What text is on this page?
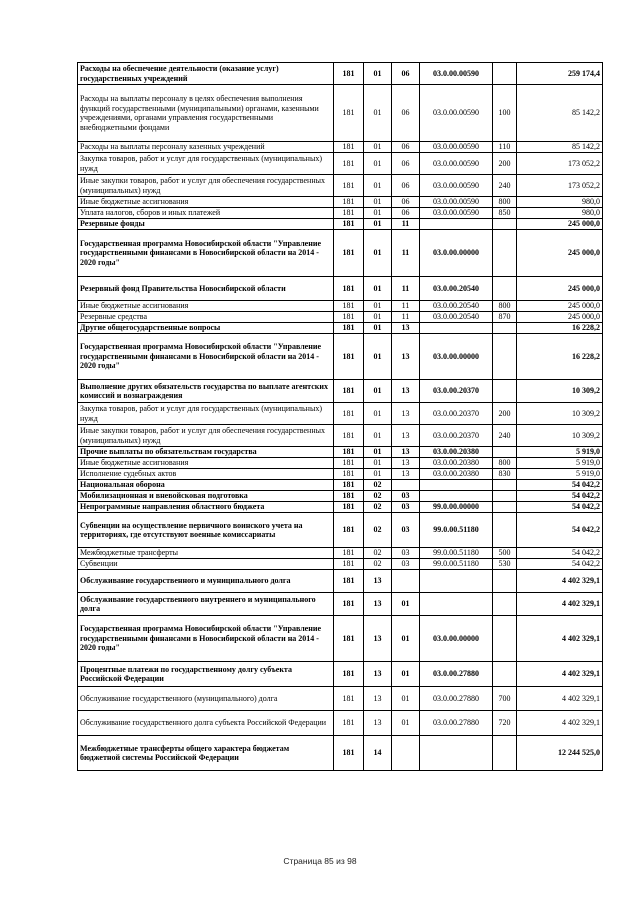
Расходы на обеспечение деятельности (оказание услуг) государственных учреждений	181	01	06	03.0.00.00590		259 174,4
Расходы на выплаты персоналу в целях обеспечения выполнения функций государственными (муниципальными) органами, казенными учреждениями, органами управления государственными внебюджетными фондами	181	01	06	03.0.00.00590	100	85 142,2
Расходы на выплаты персоналу казенных учреждений	181	01	06	03.0.00.00590	110	85 142,2
Закупка товаров, работ и услуг для государственных (муниципальных) нужд	181	01	06	03.0.00.00590	200	173 052,2
Иные закупки товаров, работ и услуг для обеспечения государственных (муниципальных) нужд	181	01	06	03.0.00.00590	240	173 052,2
Иные бюджетные ассигнования	181	01	06	03.0.00.00590	800	980,0
Уплата налогов, сборов и иных платежей	181	01	06	03.0.00.00590	850	980,0
Резервные фонды	181	01	11			245 000,0
Государственная программа Новосибирской области "Управление государственными финансами в Новосибирской области на 2014 - 2020 годы"	181	01	11	03.0.00.00000		245 000,0
Резервный фонд Правительства Новосибирской области	181	01	11	03.0.00.20540		245 000,0
Иные бюджетные ассигнования	181	01	11	03.0.00.20540	800	245 000,0
Резервные средства	181	01	11	03.0.00.20540	870	245 000,0
Другие общегосударственные вопросы	181	01	13			16 228,2
Государственная программа Новосибирской области "Управление государственными финансами в Новосибирской области на 2014 - 2020 годы"	181	01	13	03.0.00.00000		16 228,2
Выполнение других обязательств государства по выплате агентских комиссий и вознаграждения	181	01	13	03.0.00.20370		10 309,2
Закупка товаров, работ и услуг для государственных (муниципальных) нужд	181	01	13	03.0.00.20370	200	10 309,2
Иные закупки товаров, работ и услуг для обеспечения государственных (муниципальных) нужд	181	01	13	03.0.00.20370	240	10 309,2
Прочие выплаты по обязательствам государства	181	01	13	03.0.00.20380		5 919,0
Иные бюджетные ассигнования	181	01	13	03.0.00.20380	800	5 919,0
Исполнение судебных актов	181	01	13	03.0.00.20380	830	5 919,0
Национальная оборона	181	02				54 042,2
Мобилизационная и вневойсковая подготовка	181	02	03			54 042,2
Непрограммные направления областного бюджета	181	02	03	99.0.00.00000		54 042,2
Субвенции на осуществление первичного воинского учета на территориях, где отсутствуют военные комиссариаты	181	02	03	99.0.00.51180		54 042,2
Межбюджетные трансферты	181	02	03	99.0.00.51180	500	54 042,2
Субвенции	181	02	03	99.0.00.51180	530	54 042,2
Обслуживание государственного и муниципального долга	181	13				4 402 329,1
Обслуживание государственного внутреннего и муниципального долга	181	13	01			4 402 329,1
Государственная программа Новосибирской области "Управление государственными финансами в Новосибирской области на 2014 - 2020 годы"	181	13	01	03.0.00.00000		4 402 329,1
Процентные платежи по государственному долгу субъекта Российской Федерации	181	13	01	03.0.00.27880		4 402 329,1
Обслуживание государственного (муниципального) долга	181	13	01	03.0.00.27880	700	4 402 329,1
Обслуживание государственного долга субъекта Российской Федерации	181	13	01	03.0.00.27880	720	4 402 329,1
Межбюджетные трансферты общего характера бюджетам бюджетной системы Российской Федерации	181	14				12 244 525,0
Страница 85 из 98
